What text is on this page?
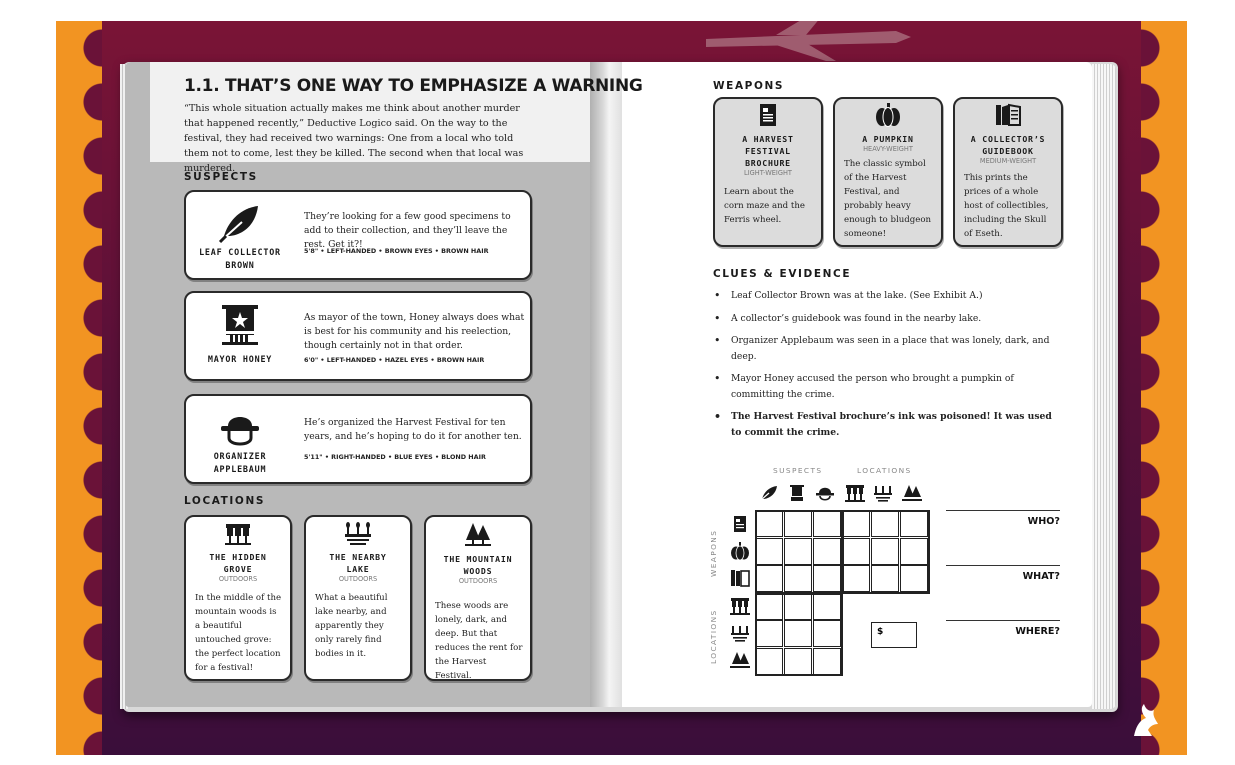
1.1. THAT’S ONE WAY TO EMPHASIZE A WARNING
“This whole situation actually makes me think about another murder that happened recently,” Deductive Logico said. On the way to the festival, they had received two warnings: One from a local who told them not to come, lest they be killed. The second when that local was murdered.
SUSPECTS
LEAF COLLECTOR
BROWN
They’re looking for a few good specimens to add to their collection, and they’ll leave the rest. Get it?!
5'8" • LEFT-HANDED • BROWN EYES • BROWN HAIR
MAYOR HONEY
As mayor of the town, Honey always does what is best for his community and his reelection, though certainly not in that order.
6'0" • LEFT-HANDED • HAZEL EYES • BROWN HAIR
ORGANIZER
APPLEBAUM
He’s organized the Harvest Festival for ten years, and he’s hoping to do it for another ten.
5'11" • RIGHT-HANDED • BLUE EYES • BLOND HAIR
LOCATIONS
THE HIDDEN
GROVE
OUTDOORS
In the middle of the mountain woods is a beautiful untouched grove: the perfect location for a festival!
THE NEARBY
LAKE
OUTDOORS
What a beautiful lake nearby, and apparently they only rarely find bodies in it.
THE MOUNTAIN
WOODS
OUTDOORS
These woods are lonely, dark, and deep. But that reduces the rent for the Harvest Festival.
WEAPONS
A HARVEST
FESTIVAL
BROCHURE
LIGHT-WEIGHT
Learn about the corn maze and the Ferris wheel.
A PUMPKIN
HEAVY-WEIGHT
The classic symbol of the Harvest Festival, and probably heavy enough to bludgeon someone!
A COLLECTOR’S
GUIDEBOOK
MEDIUM-WEIGHT
This prints the prices of a whole host of collectibles, including the Skull of Eseth.
CLUES & EVIDENCE
• Leaf Collector Brown was at the lake. (See Exhibit A.)
• A collector’s guidebook was found in the nearby lake.
• Organizer Applebaum was seen in a place that was lonely, dark, and deep.
• Mayor Honey accused the person who brought a pumpkin of committing the crime.
• The Harvest Festival brochure’s ink was poisoned! It was used to commit the crime.
SUSPECTS	LOCATIONS
WEAPONS
LOCATIONS
WHO?
WHAT?
WHERE?
$
